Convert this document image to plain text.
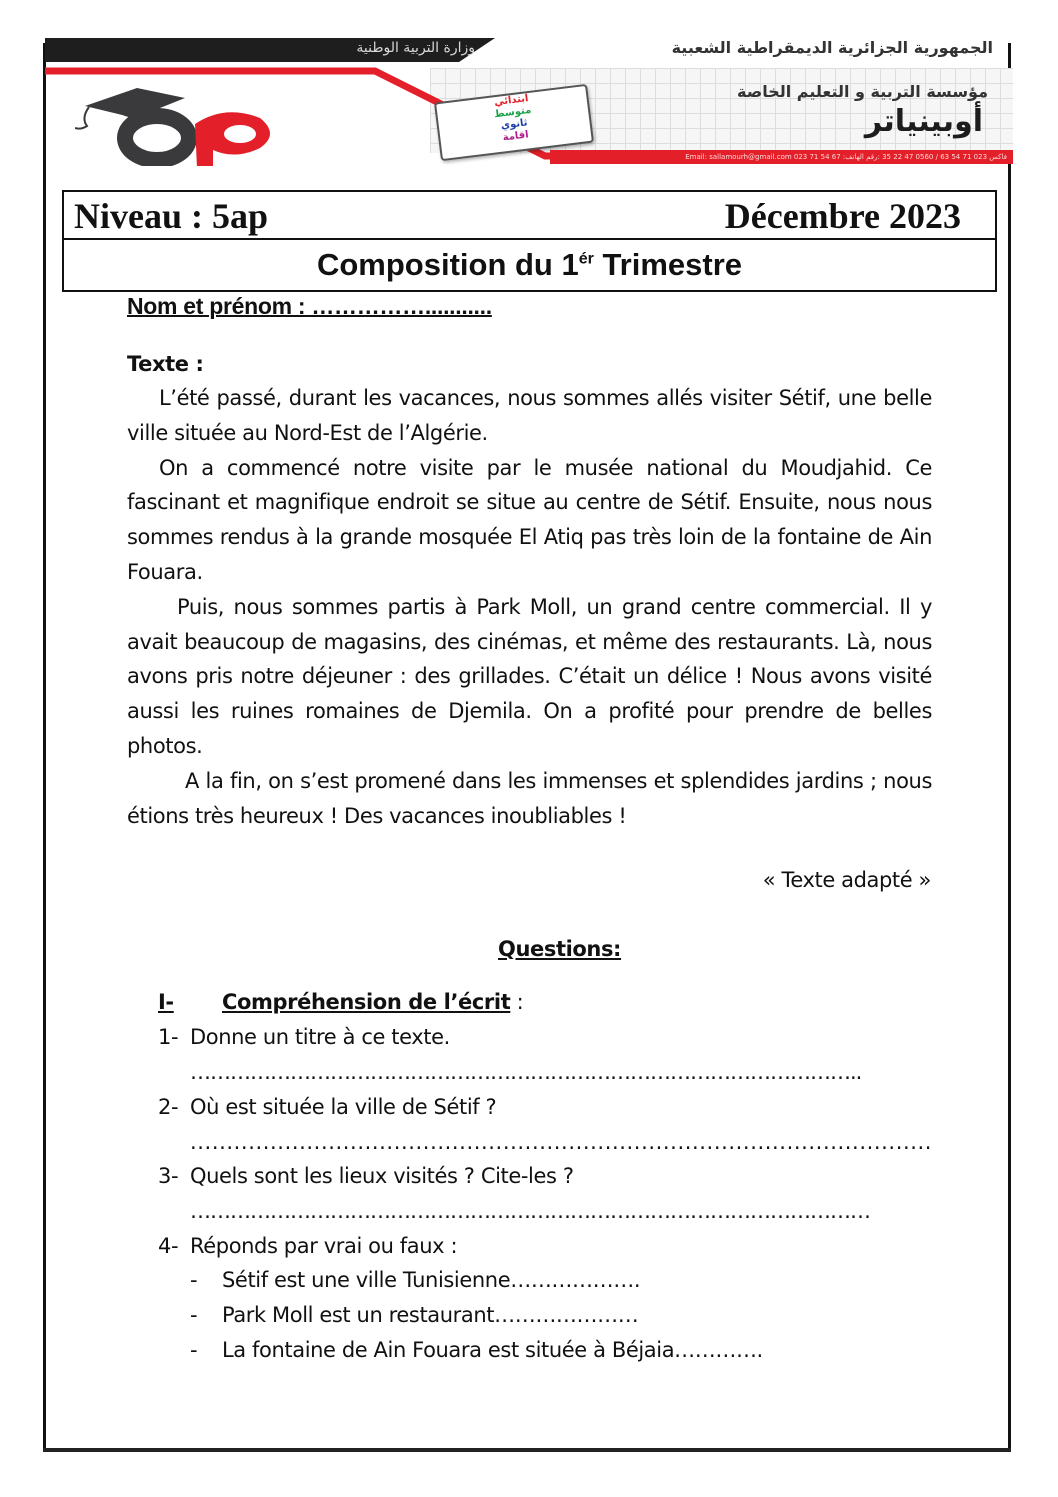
وزارة التربية الوطنية	الجمهورية الجزائرية الديمقراطية الشعبية
ابتدائي
متوسط
ثانوي
اقامة
مؤسسة التربية و التعليم الخاصة
أوبينياتر
Email: sallamourh@gmail.com 023 71 54 67 :فاكس 023 71 54 63 / 0560 47 22 35 :رقم الهاتف
Niveau : 5ap	Décembre 2023
Composition du $1^{ér}$ Trimestre
Nom et prénom : ……………...........
Texte :

L’été passé, durant les vacances, nous sommes allés visiter Sétif, une belle ville située au Nord-Est de l’Algérie.

On a commencé notre visite par le musée national du Moudjahid. Ce fascinant et magnifique endroit se situe au centre de Sétif. Ensuite, nous nous sommes rendus à la grande mosquée El Atiq pas très loin de la fontaine de Ain Fouara.

Puis, nous sommes partis à Park Moll, un grand centre commercial. Il y avait beaucoup de magasins, des cinémas, et même des restaurants. Là, nous avons pris notre déjeuner : des grillades. C’était un délice ! Nous avons visité aussi les ruines romaines de Djemila. On a profité pour prendre de belles photos.

A la fin, on s’est promené dans les immenses et splendides jardins ; nous étions très heureux ! Des vacances inoubliables !

« Texte adapté »
Questions:
I- Compréhension de l’écrit :
1- Donne un titre à ce texte.
………………………………………………………………………………………..
2- Où est située la ville de Sétif ?
......................................................................................................
3- Quels sont les lieux visités ? Cite-les ?
…………………………………………………………………………………………
4- Réponds par vrai ou faux :
- Sétif est une ville Tunisienne……………….
- Park Moll est un restaurant…………………
- La fontaine de Ain Fouara est située à Béjaia………….
